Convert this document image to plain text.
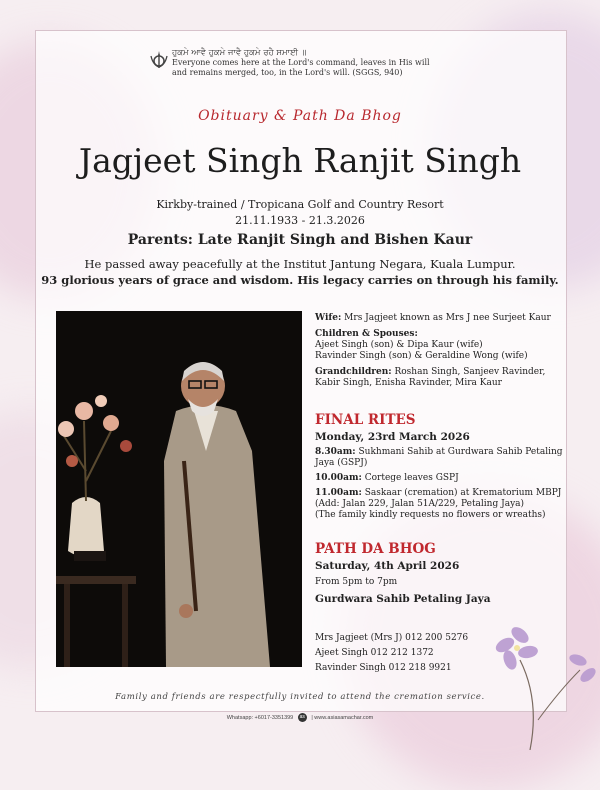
ਹੁਕਮੇ ਆਵੈ ਹੁਕਮੇ ਜਾਵੈ ਹੁਕਮੇ ਰਹੈ ਸਮਾਈ ॥
Everyone comes here at the Lord's command, leaves in His will
and remains merged, too, in the Lord's will. (SGGS, 940)
Obituary & Path Da Bhog
Jagjeet Singh Ranjit Singh
Kirkby-trained / Tropicana Golf and Country Resort
21.11.1933 - 21.3.2026
Parents: Late Ranjit Singh and Bishen Kaur
He passed away peacefully at the Institut Jantung Negara, Kuala Lumpur.
93 glorious years of grace and wisdom. His legacy carries on through his family.
Wife: Mrs Jagjeet known as Mrs J nee Surjeet Kaur
Children & Spouses:
Ajeet Singh (son) & Dipa Kaur (wife)
Ravinder Singh (son) & Geraldine Wong (wife)
Grandchildren: Roshan Singh, Sanjeev Ravinder,
Kabir Singh, Enisha Ravinder, Mira Kaur
FINAL RITES
Monday, 23rd March 2026
8.30am: Sukhmani Sahib at Gurdwara Sahib Petaling
Jaya (GSPJ)
10.00am: Cortege leaves GSPJ
11.00am: Saskaar (cremation) at Krematorium MBPJ
(Add: Jalan 229, Jalan 51A/229, Petaling Jaya)
(The family kindly requests no flowers or wreaths)
PATH DA BHOG
Saturday, 4th April 2026
From 5pm to 7pm
Gurdwara Sahib Petaling Jaya
Mrs Jagjeet (Mrs J) 012 200 5276
Ajeet Singh 012 212 1372
Ravinder Singh 012 218 9921
Family and friends are respectfully invited to attend the cremation service.
Whatsapp: +6017-3351399 as | www.asiasamachar.com
